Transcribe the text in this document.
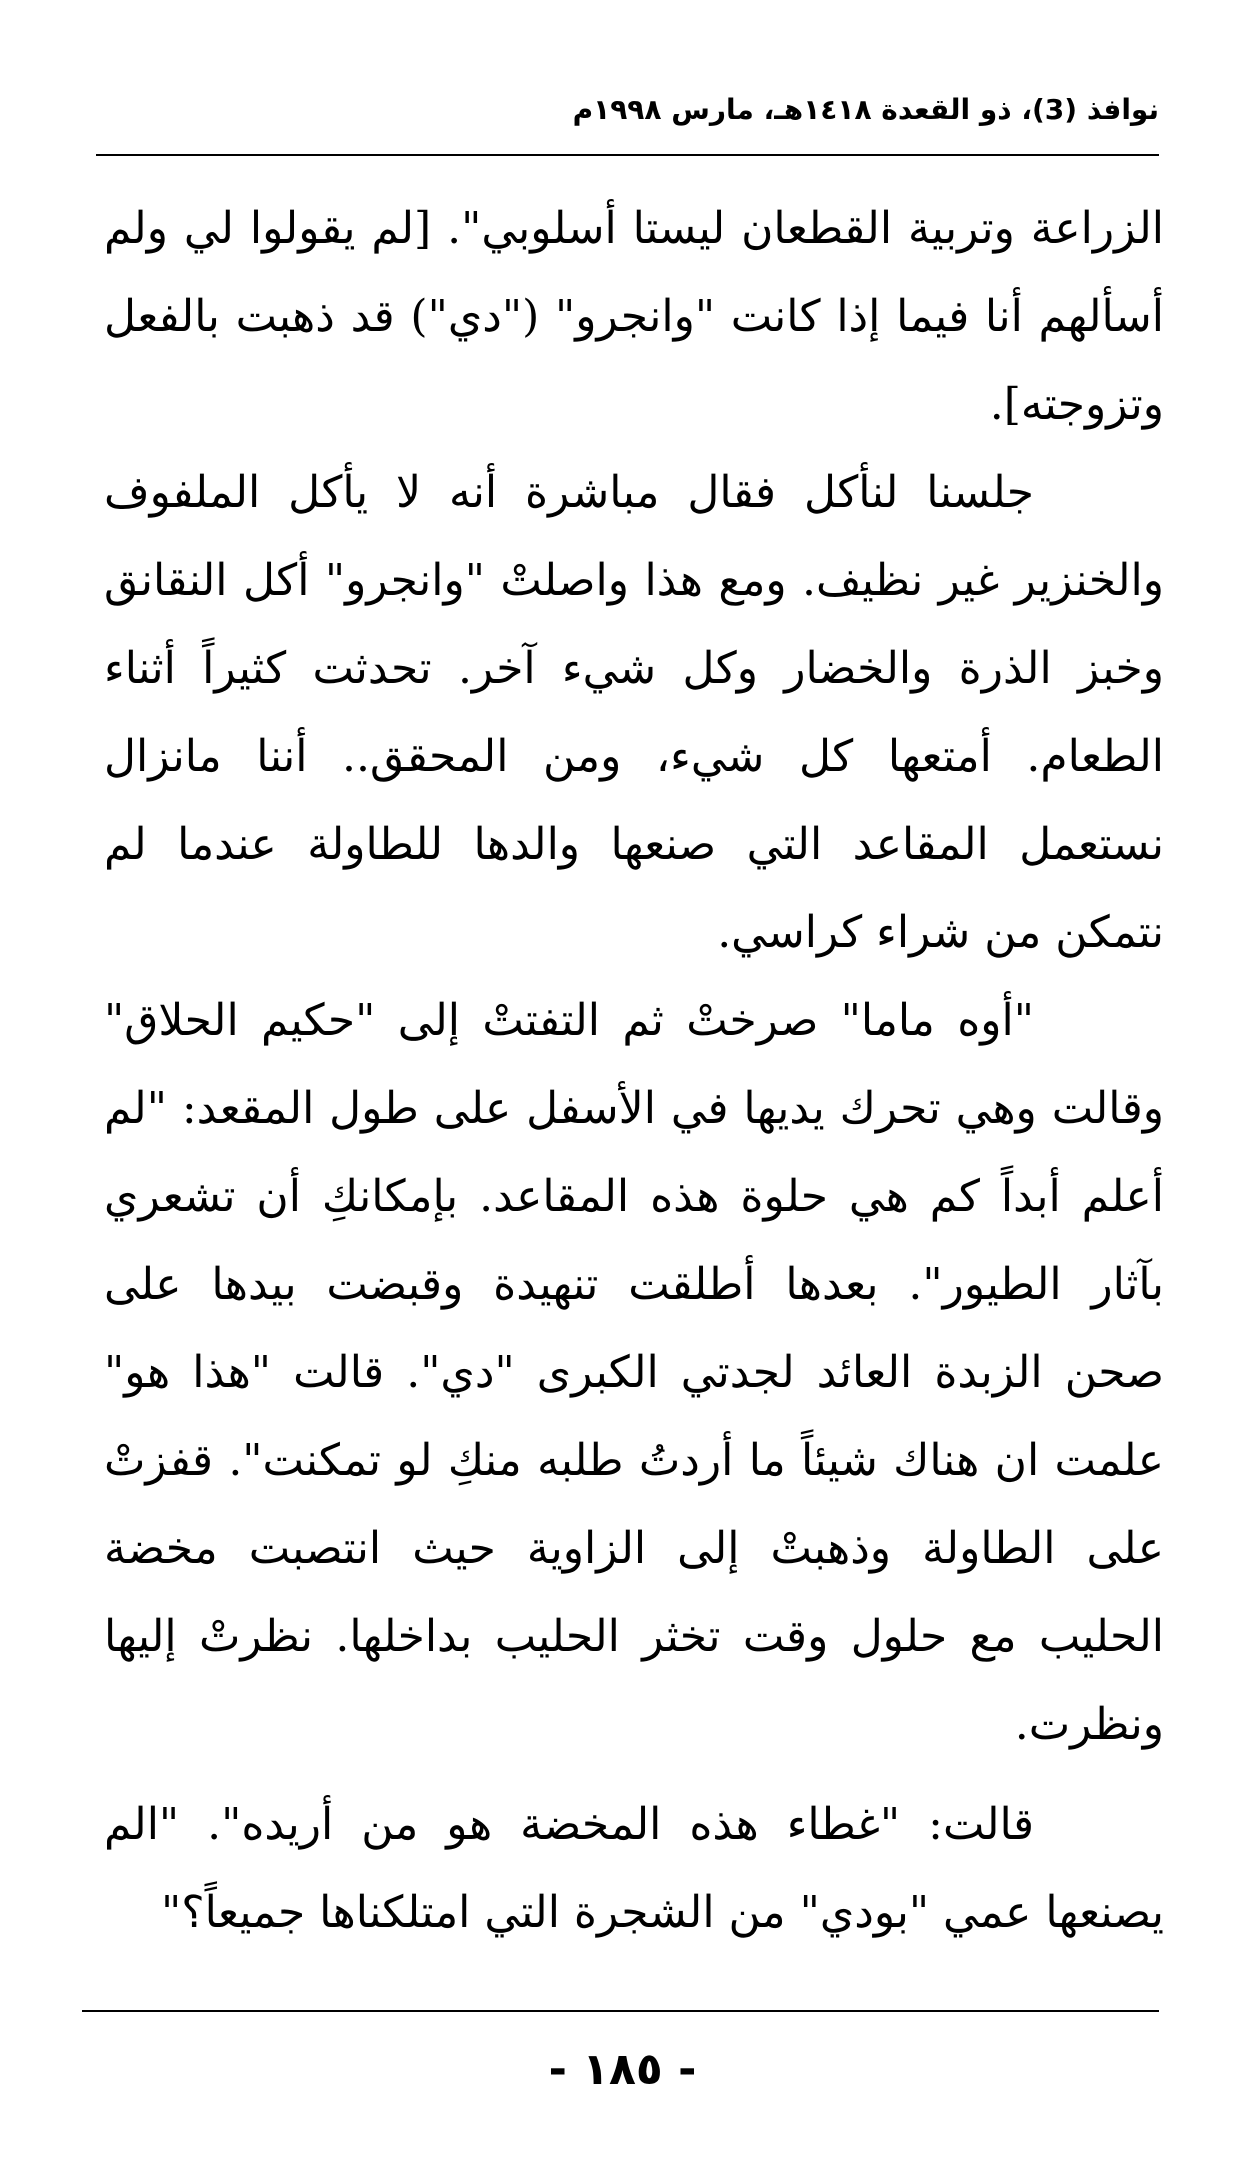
نوافذ (3)، ذو القعدة ١٤١٨هـ، مارس ١٩٩٨م

الزراعة وتربية القطعان ليستا أسلوبي". [لم يقولوا لي ولم أسألهم أنا فيما إذا كانت "وانجرو" ("دي") قد ذهبت بالفعل وتزوجته].

جلسنا لنأكل فقال مباشرة أنه لا يأكل الملفوف والخنزير غير نظيف. ومع هذا واصلتْ "وانجرو" أكل النقانق وخبز الذرة والخضار وكل شيء آخر. تحدثت كثيراً أثناء الطعام. أمتعها كل شيء، ومن المحقق.. أننا مانزال نستعمل المقاعد التي صنعها والدها للطاولة عندما لم نتمكن من شراء كراسي.

"أوه ماما" صرختْ ثم التفتتْ إلى "حكيم الحلاق" وقالت وهي تحرك يديها في الأسفل على طول المقعد: "لم أعلم أبداً كم هي حلوة هذه المقاعد. بإمكانكِ أن تشعري بآثار الطيور". بعدها أطلقت تنهيدة وقبضت بيدها على صحن الزبدة العائد لجدتي الكبرى "دي". قالت "هذا هو" علمت ان هناك شيئاً ما أردتُ طلبه منكِ لو تمكنت". قفزتْ على الطاولة وذهبتْ إلى الزاوية حيث انتصبت مخضة الحليب مع حلول وقت تخثر الحليب بداخلها. نظرتْ إليها ونظرت.

قالت: "غطاء هذه المخضة هو من أريده". "الم يصنعها عمي "بودي" من الشجرة التي امتلكناها جميعاً؟"

- ١٨٥ -
